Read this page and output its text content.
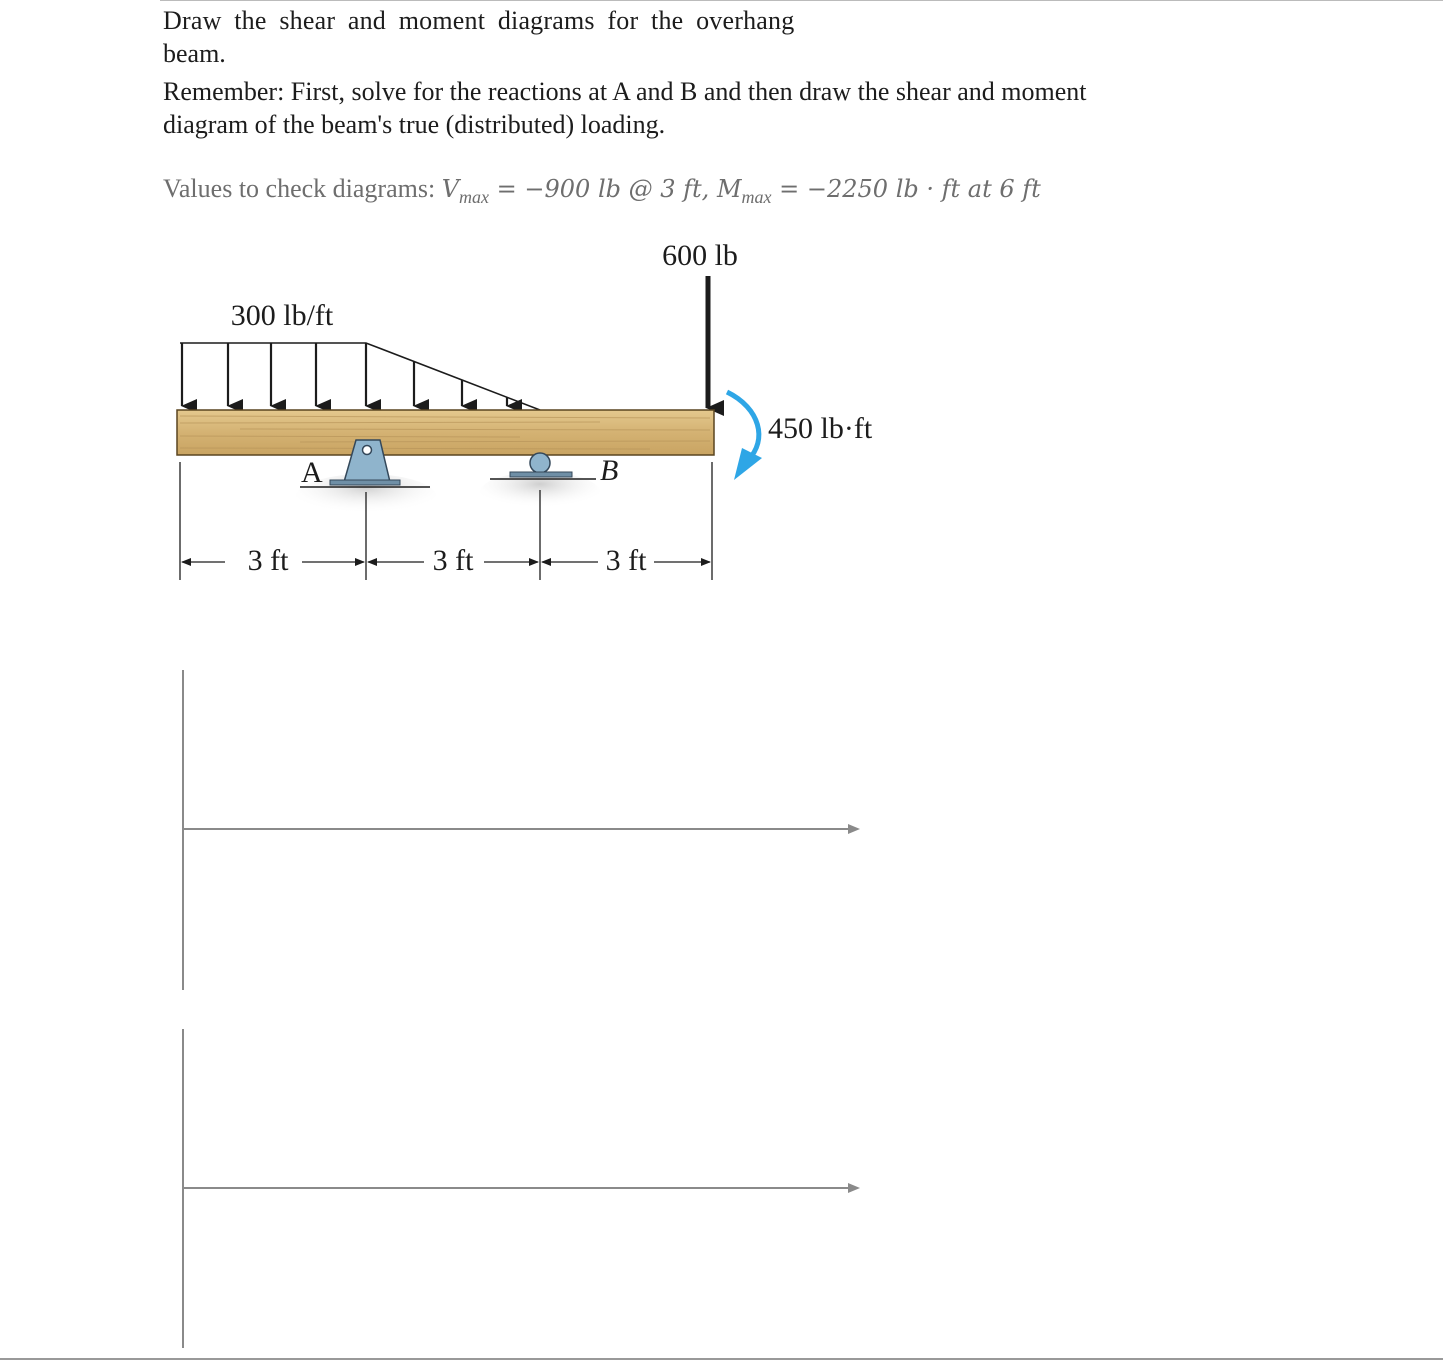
Draw the shear and moment diagrams for the overhang
beam.
Remember: First, solve for the reactions at A and B and then draw the shear and moment
diagram of the beam's true (distributed) loading.
Values to check diagrams: $V_{max} = -900$ lb @ 3 ft, $M_{max} = -2250$ lb · ft at 6 ft
600 lb
300 lb/ft
450 lb·ft
A	B
3 ft	3 ft	3 ft
